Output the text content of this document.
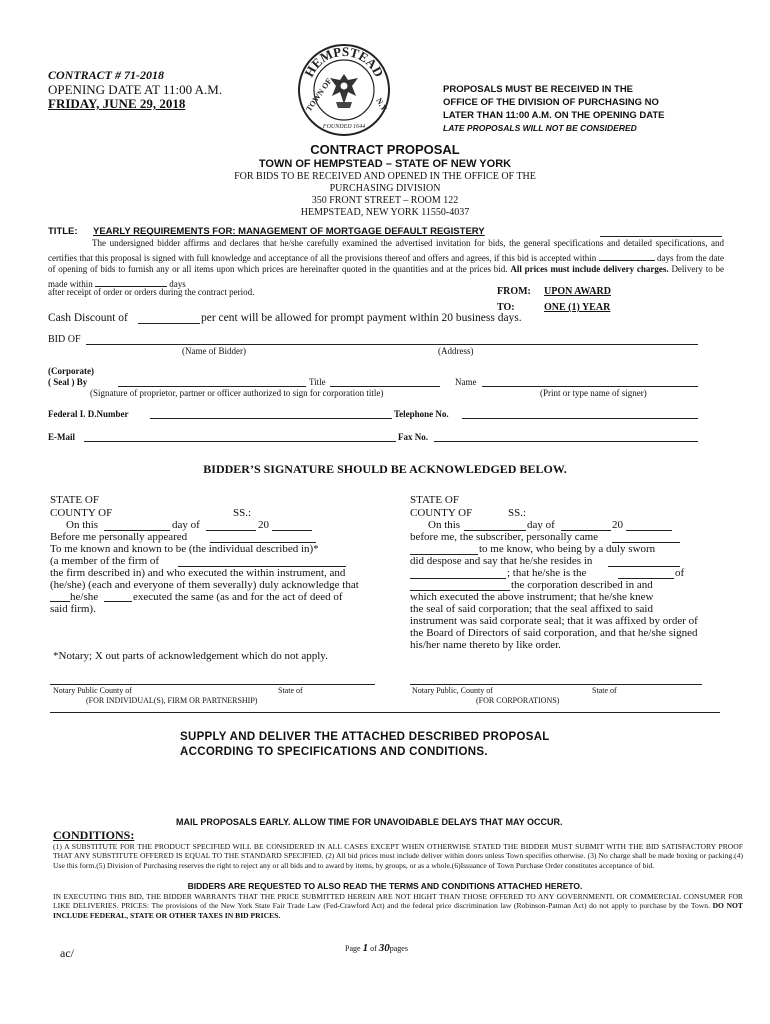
CONTRACT # 71-2018
OPENING DATE AT 11:00 A.M.
FRIDAY, JUNE 29, 2018
HEMPSTEAD
TOWN OF	N.Y.
FOUNDED 1644
PROPOSALS MUST BE RECEIVED IN THE
OFFICE OF THE DIVISION OF PURCHASING NO
LATER THAN 11:00 A.M. ON THE OPENING DATE
LATE PROPOSALS WILL NOT BE CONSIDERED
CONTRACT PROPOSAL
TOWN OF HEMPSTEAD – STATE OF NEW YORK
FOR BIDS TO BE RECEIVED AND OPENED IN THE OFFICE OF THE
PURCHASING DIVISION
350 FRONT STREET – ROOM 122
HEMPSTEAD, NEW YORK 11550-4037
TITLE: YEARLY REQUIREMENTS FOR: MANAGEMENT OF MORTGAGE DEFAULT REGISTERY
The undersigned bidder affirms and declares that he/she carefully examined the advertised invitation for bids, the general specifications and detailed specifications, and certifies that this proposal is signed with full knowledge and acceptance of all the provisions thereof and offers and agrees, if this bid is accepted within	days from the date of opening of bids to furnish any or all items upon which prices are hereinafter quoted in the quantities and at the prices bid. All prices must include delivery charges. Delivery to be made within	days
after receipt of order or orders during the contract period.	FROM: UPON AWARD
TO:	ONE (1) YEAR
Cash Discount of	per cent will be allowed for prompt payment within 20 business days.
BID OF
(Name of Bidder)	(Address)
(Corporate)
( Seal ) By	Title	Name
(Signature of proprietor, partner or officer authorized to sign for corporation title)	(Print or type name of signer)
Federal I. D.Number	Telephone No.
E-Mail	Fax No.
BIDDER’S SIGNATURE SHOULD BE ACKNOWLEDGED BELOW.
STATE OF
COUNTY OF	SS.:
On this	day of	20
Before me personally appeared
To me known and known to be (the individual described in)*
(a member of the firm of
the firm described in) and who executed the within instrument, and
(he/she) (each and everyone of them severally) duly acknowledge that
he/she	executed the same (as and for the act of deed of
said firm).
*Notary; X out parts of acknowledgement which do not apply.
Notary Public County of	State of
(FOR INDIVIDUAL(S), FIRM OR PARTNERSHIP)
STATE OF
COUNTY OF	SS.:
On this	day of	20
before me, the subscriber, personally came
to me know, who being by a duly sworn
did despose and say that he/she resides in
; that he/she is the	of
the corporation described in and
which executed the above instrument; that he/she knew
the seal of said corporation; that the seal affixed to said
instrument was said corporate seal; that it was affixed by order of
the Board of Directors of said corporation, and that he/she signed
his/her name thereto by like order.
Notary Public, County of	State of
(FOR CORPORATIONS)
SUPPLY AND DELIVER THE ATTACHED DESCRIBED PROPOSAL
ACCORDING TO SPECIFICATIONS AND CONDITIONS.
MAIL PROPOSALS EARLY. ALLOW TIME FOR UNAVOIDABLE DELAYS THAT MAY OCCUR.
CONDITIONS:
(1) A SUBSTITUTE FOR THE PRODUCT SPECIFIED WILL BE CONSIDERED IN ALL CASES EXCEPT WHEN OTHERWISE STATED THE BIDDER MUST SUBMIT WITH THE BID SATISFACTORY PROOF THAT ANY SUBSTITUTE OFFERED IS EQUAL TO THE STANDARD SPECIFIED. (2) All bid prices must include deliver within doors unless Town specifies otherwise. (3) No charge shall be made boxing or packing.(4) Use this form.(5) Division of Purchasing reserves the right to reject any or all bids and to award by items, by groups, or as a whole.(6)Issuance of Town Purchase Order constitutes acceptance of bid.
BIDDERS ARE REQUESTED TO ALSO READ THE TERMS AND CONDITIONS ATTACHED HERETO.
IN EXECUTING THIS BID, THE BIDDER WARRANTS THAT THE PRICE SUBMITTED HEREIN ARE NOT HIGHT THAN THOSE OFFERED TO ANY GOVERNMENTL OR COMMERCIAL CONSUMER FOR LIKE DELIVERIES. PRICES: The provisions of the New York State Fair Trade Law (Fed-Crawford Act) and the federal price discrimination law (Robinson-Patman Act) do not apply to purchase by the Town. DO NOT INCLUDE FEDERAL, STATE OR OTHER TAXES IN BID PRICES.
ac/	Page 1 of 30pages
